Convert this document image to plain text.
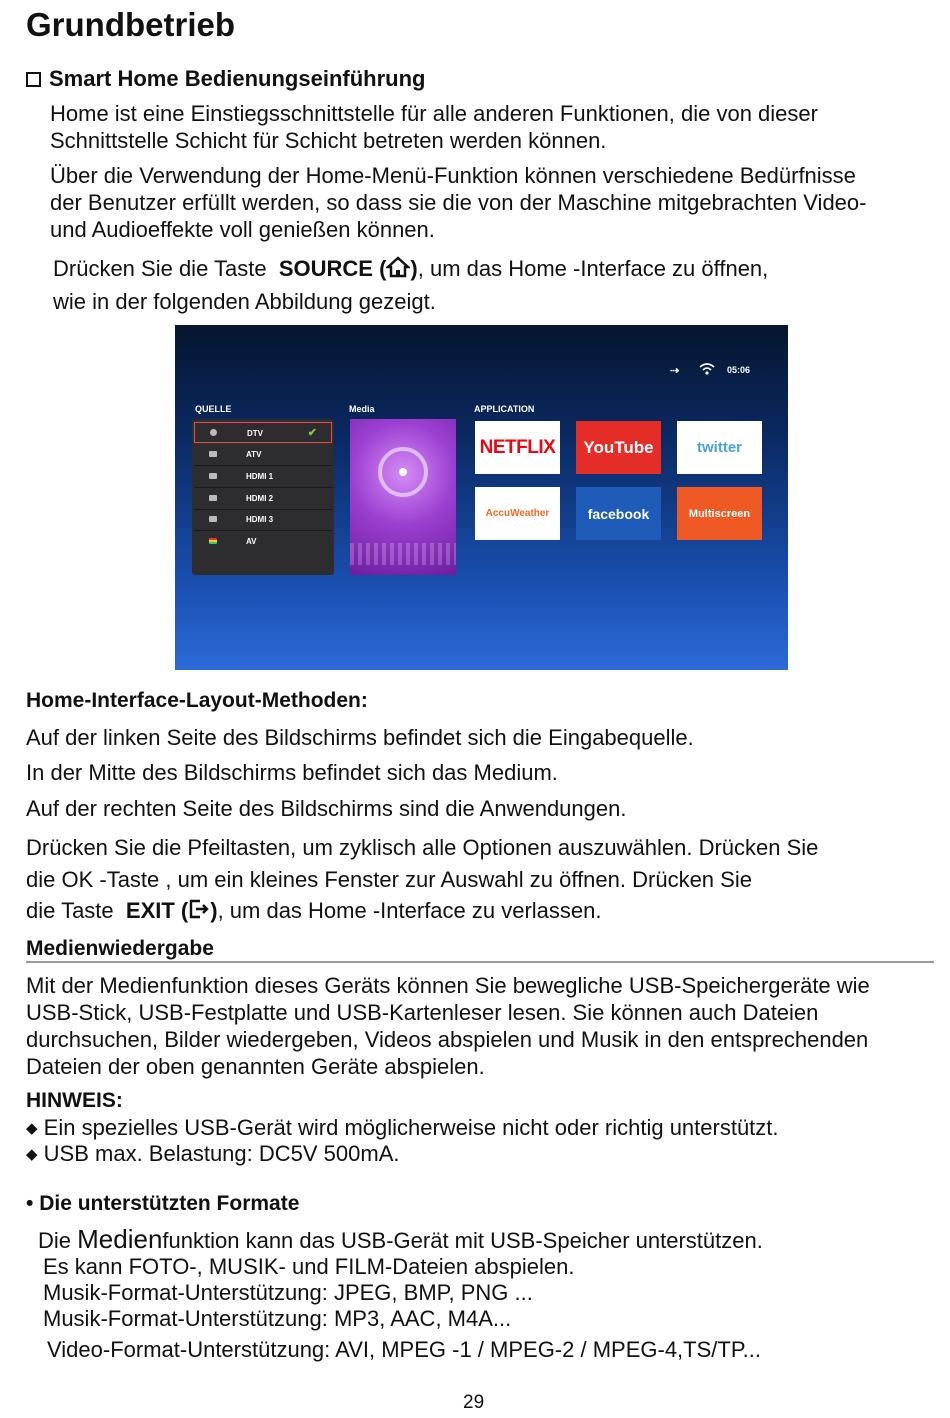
Grundbetrieb
Smart Home Bedienungseinführung
Home ist eine Einstiegsschnittstelle für alle anderen Funktionen, die von dieser
Schnittstelle Schicht für Schicht betreten werden können.
Über die Verwendung der Home-Menü-Funktion können verschiedene Bedürfnisse
der Benutzer erfüllt werden, so dass sie die von der Maschine mitgebrachten Video-
und Audioeffekte voll genießen können.
Drücken Sie die Taste SOURCE ( ), um das Home -Interface zu öffnen,
wie in der folgenden Abbildung gezeigt.
⇢	05:06
QUELLE	Media	APPLICATION
DTV	✔
ATV
HDMI 1
HDMI 2
HDMI 3
AV
NETFLIX	YouTube	twitter
AccuWeather	facebook	Multiscreen
Home-Interface-Layout-Methoden:
Auf der linken Seite des Bildschirms befindet sich die Eingabequelle.
In der Mitte des Bildschirms befindet sich das Medium.
Auf der rechten Seite des Bildschirms sind die Anwendungen.
Drücken Sie die Pfeiltasten, um zyklisch alle Optionen auszuwählen. Drücken Sie
die OK -Taste , um ein kleines Fenster zur Auswahl zu öffnen. Drücken Sie
die Taste EXIT ( ), um das Home -Interface zu verlassen.
Medienwiedergabe
Mit der Medienfunktion dieses Geräts können Sie bewegliche USB-Speichergeräte wie
USB-Stick, USB-Festplatte und USB-Kartenleser lesen. Sie können auch Dateien
durchsuchen, Bilder wiedergeben, Videos abspielen und Musik in den entsprechenden
Dateien der oben genannten Geräte abspielen.
HINWEIS:
◆ Ein spezielles USB-Gerät wird möglicherweise nicht oder richtig unterstützt.
◆ USB max. Belastung: DC5V 500mA.
• Die unterstützten Formate
Die Medienfunktion kann das USB-Gerät mit USB-Speicher unterstützen.
Es kann FOTO-, MUSIK- und FILM-Dateien abspielen.
Musik-Format-Unterstützung: JPEG, BMP, PNG ...
Musik-Format-Unterstützung: MP3, AAC, M4A...
Video-Format-Unterstützung: AVI, MPEG -1 / MPEG-2 / MPEG-4,TS/TP...
29
